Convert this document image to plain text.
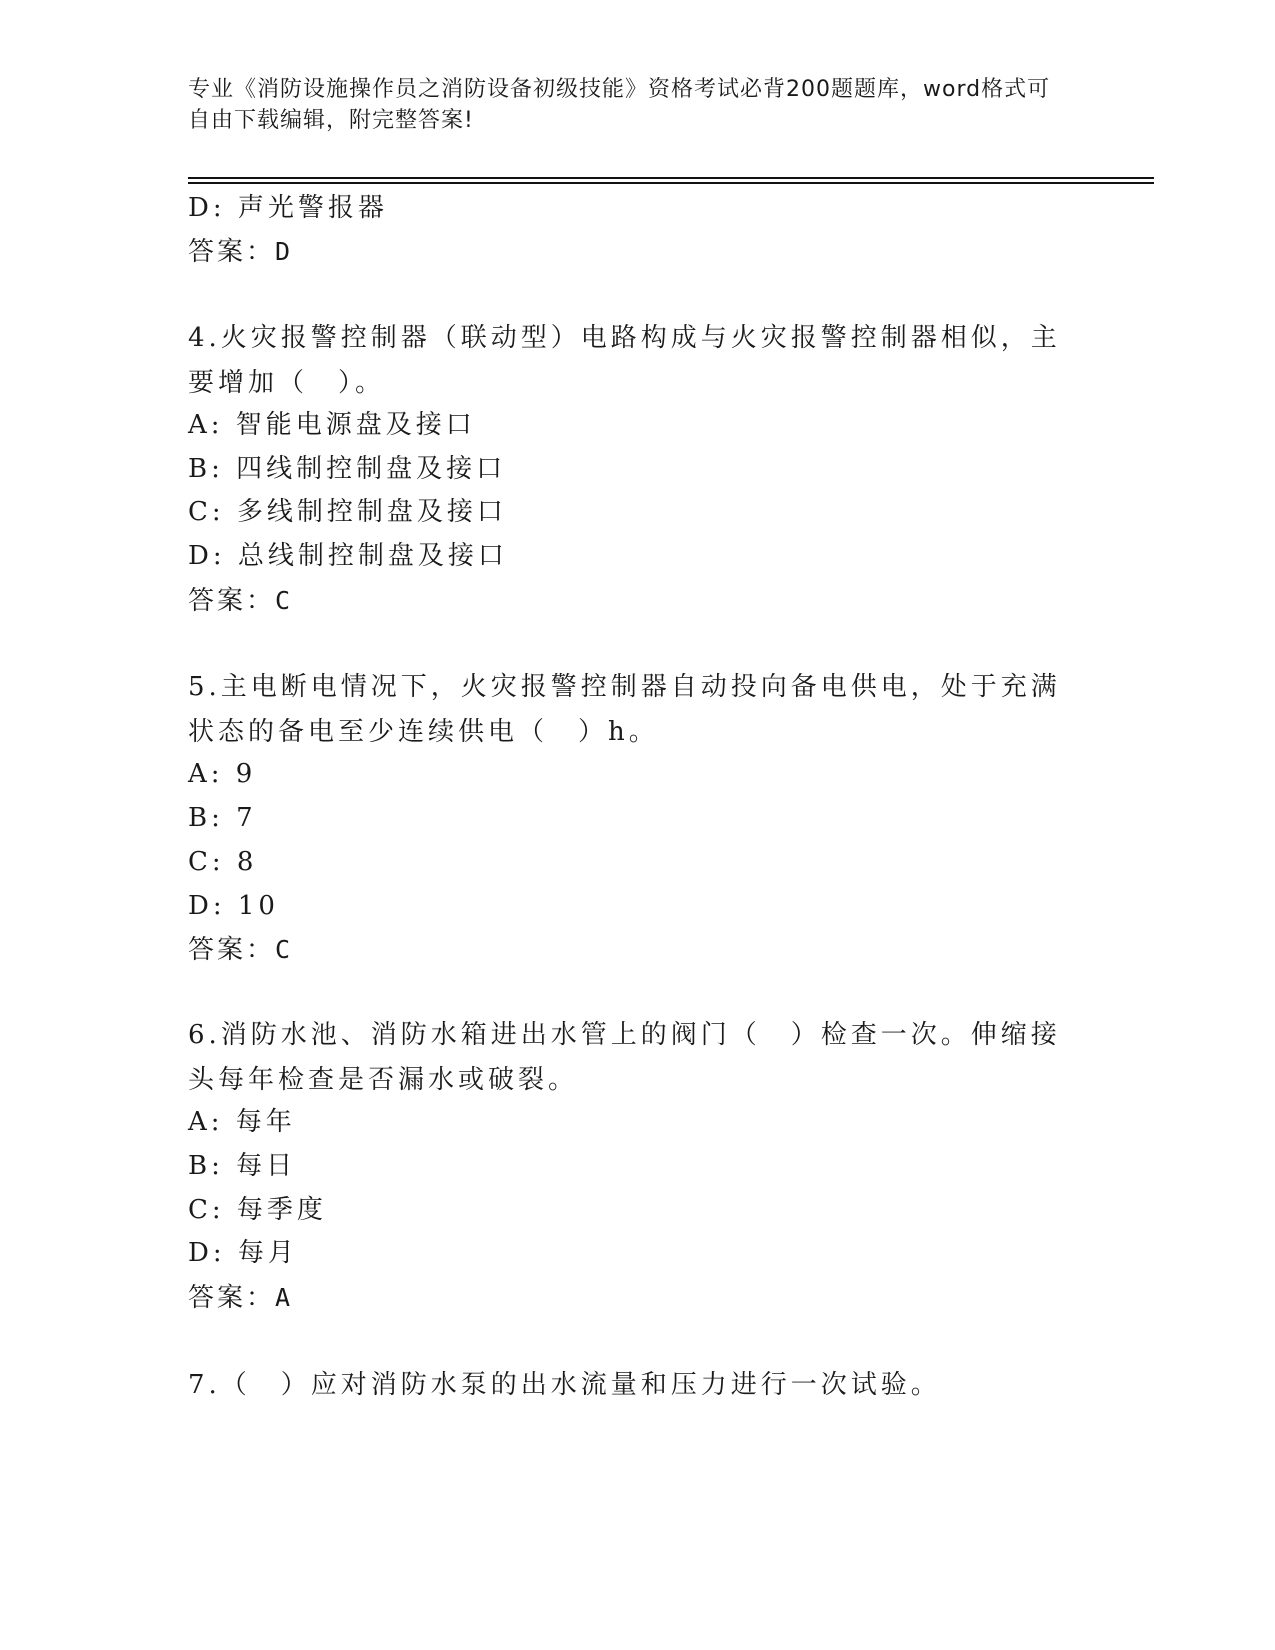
专业《消防设施操作员之消防设备初级技能》资格考试必背200题题库，word格式可自由下载编辑，附完整答案!
D: 声光警报器
答案：D
4.火灾报警控制器（联动型）电路构成与火灾报警控制器相似，主要增加（　）。
A: 智能电源盘及接口
B: 四线制控制盘及接口
C: 多线制控制盘及接口
D: 总线制控制盘及接口
答案：C
5.主电断电情况下，火灾报警控制器自动投向备电供电，处于充满状态的备电至少连续供电（　）h。
A: 9
B: 7
C: 8
D: 10
答案：C
6.消防水池、消防水箱进出水管上的阀门（　）检查一次。伸缩接头每年检查是否漏水或破裂。
A: 每年
B: 每日
C: 每季度
D: 每月
答案：A
7.（　）应对消防水泵的出水流量和压力进行一次试验。
